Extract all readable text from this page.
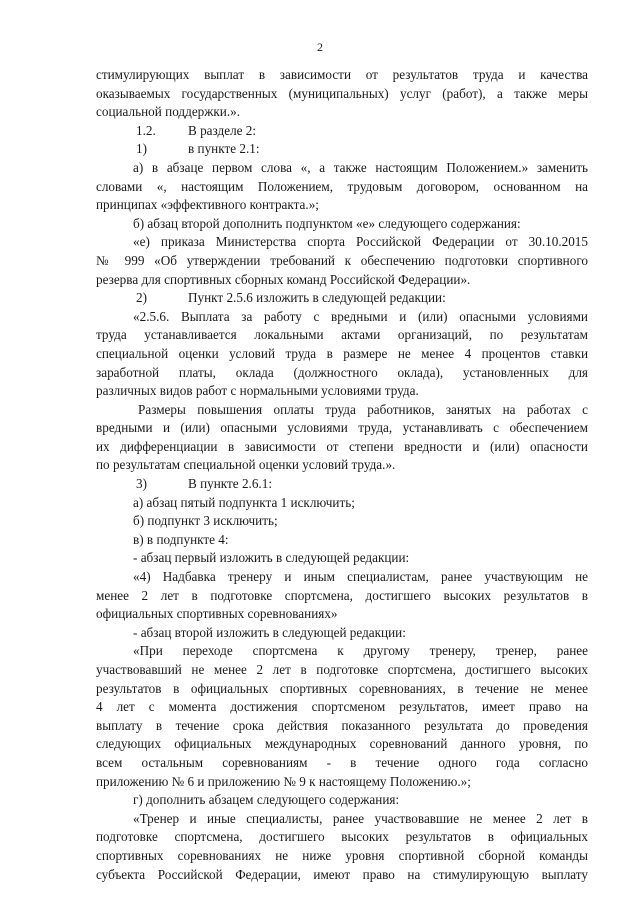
2
стимулирующих выплат в зависимости от результатов труда и качества
оказываемых государственных (муниципальных) услуг (работ), а также меры
социальной поддержки.».
1.2. В разделе 2:
1)	в пункте 2.1:
а) в абзаце первом слова «, а также настоящим Положением.» заменить
словами «, настоящим Положением, трудовым договором, основанном на
принципах «эффективного контракта.»;
б) абзац второй дополнить подпунктом «е» следующего содержания:
«е) приказа Министерства спорта Российской Федерации от 30.10.2015
№ 999 «Об утверждении требований к обеспечению подготовки спортивного
резерва для спортивных сборных команд Российской Федерации».
2)	Пункт 2.5.6 изложить в следующей редакции:
«2.5.6. Выплата за работу с вредными и (или) опасными условиями
труда устанавливается локальными актами организаций, по результатам
специальной оценки условий труда в размере не менее 4 процентов ставки
заработной платы, оклада (должностного оклада), установленных для
различных видов работ с нормальными условиями труда.
Размеры повышения оплаты труда работников, занятых на работах с
вредными и (или) опасными условиями труда, устанавливать с обеспечением
их дифференциации в зависимости от степени вредности и (или) опасности
по результатам специальной оценки условий труда.».
3)	В пункте 2.6.1:
а) абзац пятый подпункта 1 исключить;
б) подпункт 3 исключить;
в) в подпункте 4:
- абзац первый изложить в следующей редакции:
«4) Надбавка тренеру и иным специалистам, ранее участвующим не
менее 2 лет в подготовке спортсмена, достигшего высоких результатов в
официальных спортивных соревнованиях»
- абзац второй изложить в следующей редакции:
«При переходе спортсмена к другому тренеру, тренер, ранее
участвовавший не менее 2 лет в подготовке спортсмена, достигшего высоких
результатов в официальных спортивных соревнованиях, в течение не менее
4 лет с момента достижения спортсменом результатов, имеет право на
выплату в течение срока действия показанного результата до проведения
следующих официальных международных соревнований данного уровня, по
всем остальным соревнованиям - в течение одного года согласно
приложению № 6 и приложению № 9 к настоящему Положению.»;
г) дополнить абзацем следующего содержания:
«Тренер и иные специалисты, ранее участвовавшие не менее 2 лет в
подготовке спортсмена, достигшего высоких результатов в официальных
спортивных соревнованиях не ниже уровня спортивной сборной команды
субъекта Российской Федерации, имеют право на стимулирующую выплату
